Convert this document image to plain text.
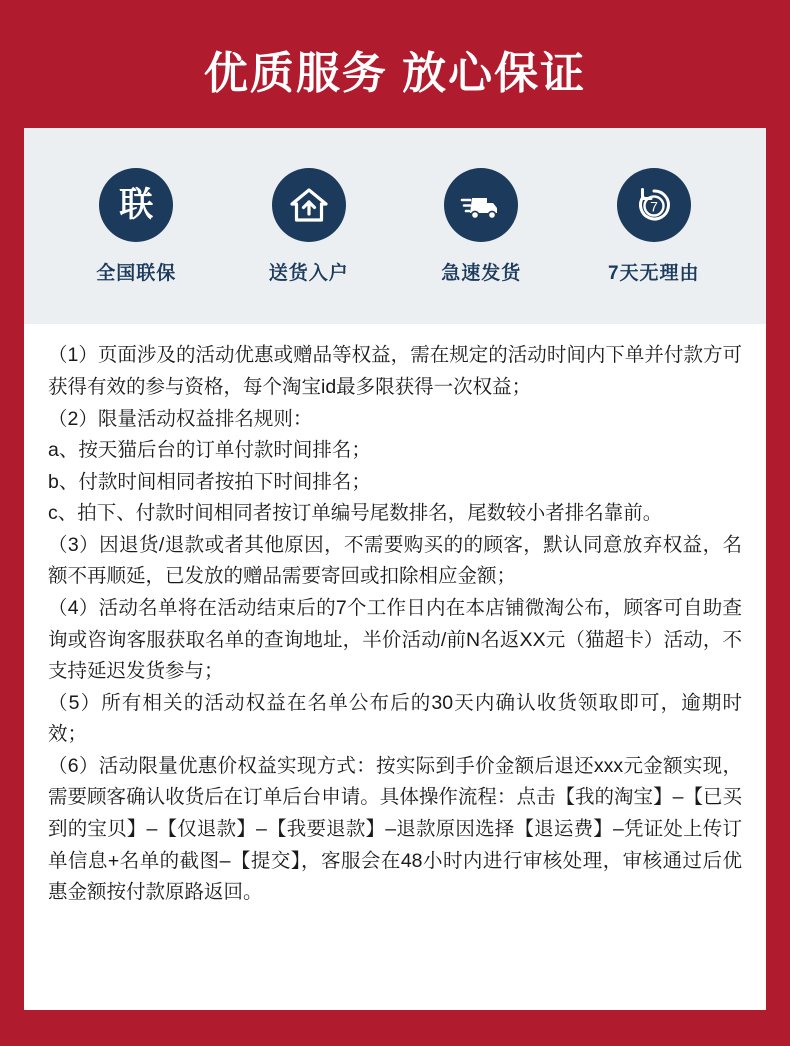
优质服务 放心保证
联
全国联保	送货入户	急速发货
7
7天无理由

（1）页面涉及的活动优惠或赠品等权益，需在规定的活动时间内下单并付款方可获得有效的参与资格，每个淘宝id最多限获得一次权益；

（2）限量活动权益排名规则：

a、按天猫后台的订单付款时间排名；

b、付款时间相同者按拍下时间排名；

c、拍下、付款时间相同者按订单编号尾数排名，尾数较小者排名靠前。

（3）因退货/退款或者其他原因，不需要购买的的顾客，默认同意放弃权益，名额不再顺延，已发放的赠品需要寄回或扣除相应金额；

（4）活动名单将在活动结束后的7个工作日内在本店铺微淘公布，顾客可自助查询或咨询客服获取名单的查询地址，半价活动/前N名返XX元（猫超卡）活动，不支持延迟发货参与；

（5）所有相关的活动权益在名单公布后的30天内确认收货领取即可，逾期时效；

（6）活动限量优惠价权益实现方式：按实际到手价金额后退还xxx元金额实现，需要顾客确认收货后在订单后台申请。具体操作流程：点击【我的淘宝】–【已买到的宝贝】–【仅退款】–【我要退款】–退款原因选择【退运费】–凭证处上传订单信息+名单的截图–【提交】，客服会在48小时内进行审核处理，审核通过后优惠金额按付款原路返回。
